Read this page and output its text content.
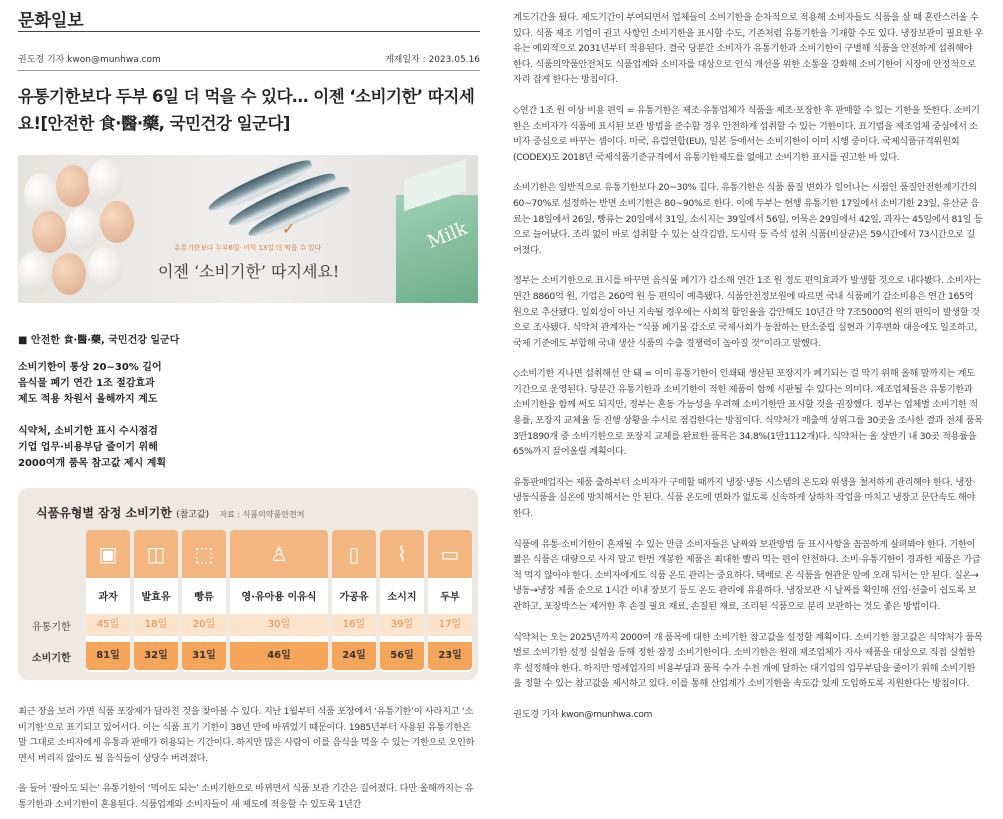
문화일보
권도경 기자 kwon@munhwa.com	게재일자 : 2023.05.16
유통기한보다 두부 6일 더 먹을 수 있다… 이젠 ‘소비기한’ 따지세요![안전한 食·醫·藥, 국민건강 일군다]
Milk
✓
유통기한보다 두부6일· 어묵 13일 더 먹을 수 있다
이젠 ‘소비기한’ 따지세요!
■ 안전한 食·醫·藥, 국민건강 일군다
소비기한이 통상 20~30% 길어
음식물 폐기 연간 1조 절감효과
제도 적용 차원서 올해까지 계도
식약처, 소비기한 표시 수시점검
기업 업무·비용부담 줄이기 위해
2000여개 품목 참고값 제시 계획
식품유형별 잠정 소비기한 (참고값) 자료 : 식품의약품안전처
유통기한
소비기한
▣
과자
45일
81일
◫
발효유
18일
32일
⬚
빵류
20일
31일
♙
영·유아용 이유식
30일
46일
▯
가공유
16일
24일
⌇
소시지
39일
56일
▭
두부
17일
23일

최근 장을 보러 가면 식품 포장재가 달라진 것을 찾아볼 수 있다. 지난 1월부터 식품 포장에서 ‘유통기한’이 사라지고 ‘소비기한’으로 표기되고 있어서다. 이는 식품 표기 기한이 38년 만에 바뀌었기 때문이다. 1985년부터 사용된 유통기한은 말 그대로 소비자에게 유통과 판매가 허용되는 기간이다. 하지만 많은 사람이 이를 음식을 먹을 수 있는 기한으로 오인하면서 버리지 않아도 될 음식들이 상당수 버려졌다.

을 들어 ‘팔아도 되는’ 유통기한이 ‘먹어도 되는’ 소비기한으로 바뀌면서 식품 보관 기간은 길어졌다. 다만 올해까지는 유통기한과 소비기한이 혼용된다. 식품업계와 소비자들이 새 제도에 적응할 수 있도록 1년간

계도기간을 뒀다. 제도기간이 부여되면서 업체들이 소비기한을 순차적으로 적용해 소비자들도 식품을 살 때 혼란스러울 수 있다. 식품 제조 기업이 권고 사항인 소비기한을 표시할 수도, 기존처럼 유통기한을 기재할 수도 있다. 냉장보관이 필요한 우유는 예외적으로 2031년부터 적용된다. 결국 당분간 소비자가 유통기한과 소비기한이 구별해 식품을 안전하게 섭취해야 한다. 식품의약품안전처도 식품업계와 소비자를 대상으로 인식 개선을 위한 소통을 강화해 소비기한이 시장에 안정적으로 자리 잡게 한다는 방침이다.

◇연간 1조 원 이상 비용 편익 = 유통기한은 제조·유통업체가 식품을 제조·포장한 후 판매할 수 있는 기한을 뜻한다. 소비기한은 소비자가 식품에 표시된 보관 방법을 준수할 경우 안전하게 섭취할 수 있는 기한이다. 표기법을 제조업체 중심에서 소비자 중심으로 바꾸는 셈이다. 미국, 유럽연합(EU), 일본 등에서는 소비기한이 이미 시행 중이다. 국제식품규격위원회(CODEX)도 2018년 국제식품기준규격에서 유통기한제도를 없애고 소비기한 표시를 권고한 바 있다.

소비기한은 일반적으로 유통기한보다 20~30% 길다. 유통기한은 식품 품질 변화가 일어나는 시점인 품질안전한계기간의 60~70%로 설정하는 반면 소비기한은 80~90%로 한다. 이에 두부는 현행 유통기한 17일에서 소비기한 23일, 유산균 음료는 18일에서 26일, 빵류는 20일에서 31일, 소시지는 39일에서 56일, 어묵은 29일에서 42일, 과자는 45일에서 81일 등으로 늘어났다. 조리 없이 바로 섭취할 수 있는 삼각김밥, 도시락 등 즉석 섭취 식품(비살균)은 59시간에서 73시간으로 길어졌다.

정부는 소비기한으로 표시를 바꾸면 음식물 폐기가 감소해 연간 1조 원 정도 편익효과가 발생할 것으로 내다봤다. 소비자는 연간 8860억 원, 기업은 260억 원 등 편익이 예측됐다. 식품안전정보원에 따르면 국내 식품폐기 감소비용은 연간 165억 원으로 추산됐다. 일회성이 아닌 지속될 경우에는 사회적 할인율을 감안해도 10년간 약 7조5000억 원의 편익이 발생할 것으로 조사됐다. 식약처 관계자는 “식품 폐기물 감소로 국제사회가 동참하는 탄소중립 실현과 기후변화 대응에도 일조하고, 국제 기준에도 부합해 국내 생산 식품의 수출 경쟁력이 높아질 것”이라고 말했다.

◇소비기한 지나면 섭취해선 안 돼 = 이미 유통기한이 인쇄돼 생산된 포장지가 폐기되는 걸 막기 위해 올해 말까지는 계도 기간으로 운영된다. 당분간 유통기한과 소비기한이 적힌 제품이 함께 시판될 수 있다는 의미다. 제조업체들은 유통기한과 소비기한을 함께 써도 되지만, 정부는 혼동 가능성을 우려해 소비기한만 표시할 것을 권장했다. 정부는 업체별 소비기한 적용률, 포장지 교체율 등 진행 상황을 수시로 점검한다는 방침이다. 식약처가 매출액 상위그룹 30곳을 조사한 결과 전체 품목 3만1890개 중 소비기한으로 포장지 교체를 완료한 품목은 34.8%(1만1112개)다. 식약처는 올 상반기 내 30곳 적용률을 65%까지 끌어올릴 계획이다.

유통판매업자는 제품 출하부터 소비자가 구매할 때까지 냉장·냉동 시스템의 온도와 위생을 철저하게 관리해야 한다. 냉장·냉동식품을 실온에 방치해서는 안 된다. 식품 온도에 변화가 없도록 신속하게 상하차 작업을 마치고 냉장고 문단속도 해야 한다.

식품에 유통·소비기한이 혼재될 수 있는 만큼 소비자들은 날짜와 보관방법 등 표시사항을 꼼꼼하게 살펴봐야 한다. 기한이 짧은 식품은 대량으로 사지 말고 한번 개봉한 제품은 최대한 빨리 먹는 편이 안전하다. 소비·유통기한이 경과한 제품은 가급적 먹지 않아야 한다. 소비자에게도 식품 온도 관리는 중요하다. 택배로 온 식품을 현관문 앞에 오래 둬서는 안 된다. 실온→냉동→냉장 제품 순으로 1시간 이내 장보기 등도 온도 관리에 유용하다. 냉장보관 시 날짜를 확인해 선입·선출이 쉽도록 보관하고, 포장박스는 제거한 후 손질 필요 재료, 손질된 재료, 조리된 식품으로 분리 보관하는 것도 좋은 방법이다.

식약처는 오는 2025년까지 2000여 개 품목에 대한 소비기한 참고값을 설정할 계획이다. 소비기한 참고값은 식약처가 품목별로 소비기한 설정 실험을 등해 정한 잠정 소비기한이다. 소비기한은 원래 제조업체가 자사 제품을 대상으로 직접 실험한 후 설정해야 한다. 하지만 영세업자의 비용부담과 품목 수가 수천 개에 달하는 대기업의 업무부담을 줄이기 위해 소비기한을 정할 수 있는 참고값을 제시하고 있다. 이를 통해 산업계가 소비기한을 속도감 있게 도입하도록 지원한다는 방침이다.

권도경 기자 kwon@munhwa.com
